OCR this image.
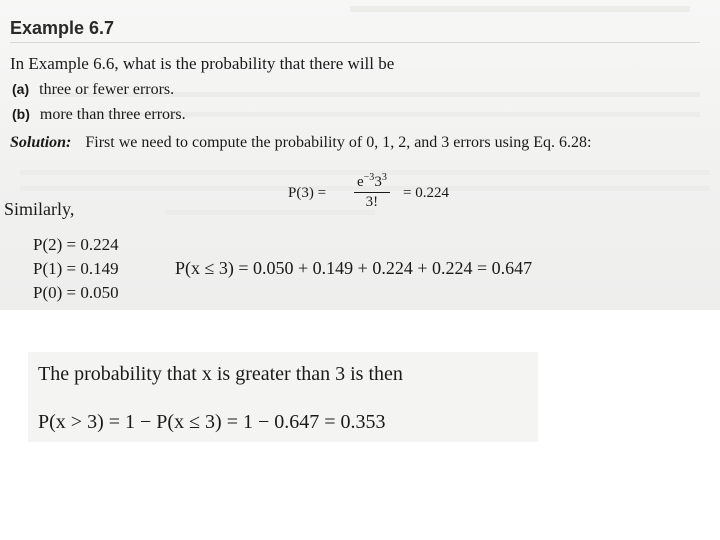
Example 6.7
In Example 6.6, what is the probability that there will be
(a) three or fewer errors.
(b) more than three errors.
Solution: First we need to compute the probability of 0, 1, 2, and 3 errors using Eq. 6.28:
$P(3) = \frac{e^{-3}3^3}{3!} = 0.224$
Similarly,
P(2) = 0.224
P(1) = 0.149
P(0) = 0.050
P(x ≤ 3) = 0.050 + 0.149 + 0.224 + 0.224 = 0.647
The probability that x is greater than 3 is then
P(x > 3) = 1 − P(x ≤ 3) = 1 − 0.647 = 0.353
